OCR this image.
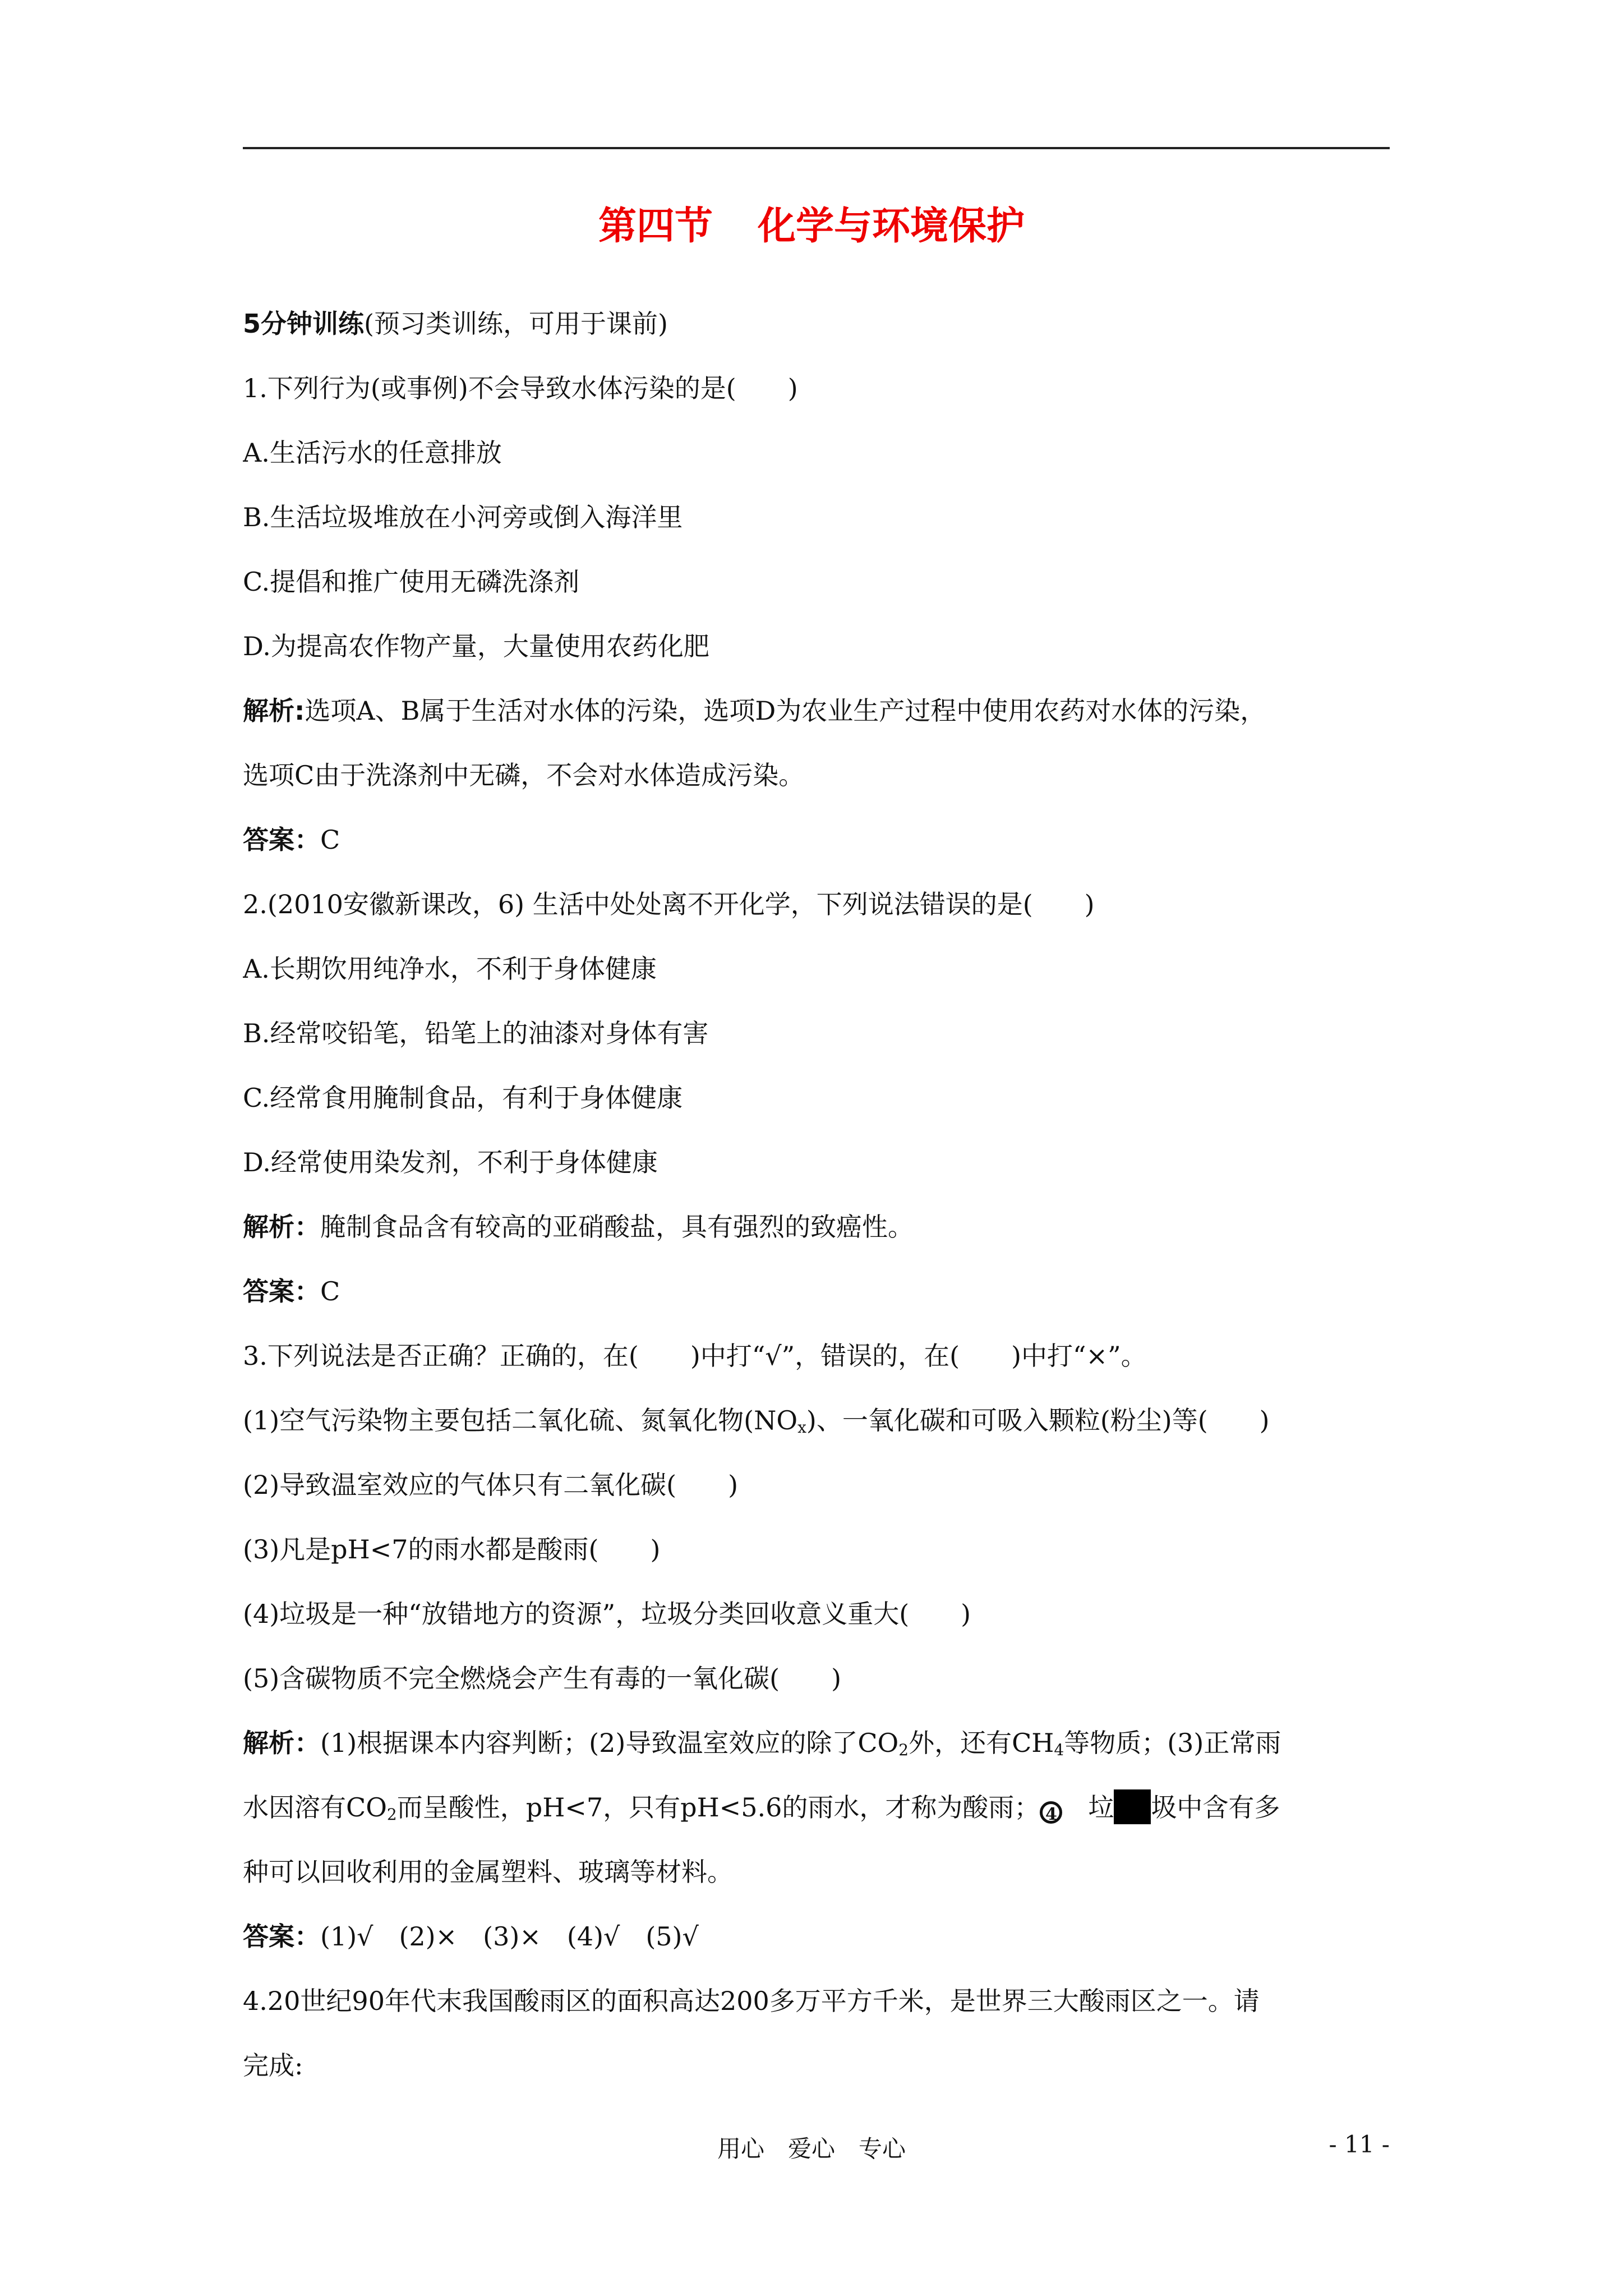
第四节 化学与环境保护
5分钟训练(预习类训练，可用于课前)
1.下列行为(或事例)不会导致水体污染的是(　　)
A.生活污水的任意排放
B.生活垃圾堆放在小河旁或倒入海洋里
C.提倡和推广使用无磷洗涤剂
D.为提高农作物产量，大量使用农药化肥
解析:选项A、B属于生活对水体的污染，选项D为农业生产过程中使用农药对水体的污染，
选项C由于洗涤剂中无磷，不会对水体造成污染。
答案：C
2.(2010安徽新课改，6) 生活中处处离不开化学，下列说法错误的是(　　)
A.长期饮用纯净水，不利于身体健康
B.经常咬铅笔，铅笔上的油漆对身体有害
C.经常食用腌制食品，有利于身体健康
D.经常使用染发剂，不利于身体健康
解析：腌制食品含有较高的亚硝酸盐，具有强烈的致癌性。
答案：C
3.下列说法是否正确？正确的，在(　　)中打“√”，错误的，在(　　)中打“×”。
(1)空气污染物主要包括二氧化硫、氮氧化物$(NO_x)$、一氧化碳和可吸入颗粒(粉尘)等(　　)
(2)导致温室效应的气体只有二氧化碳(　　)
(3)凡是pH<7的雨水都是酸雨(　　)
(4)垃圾是一种“放错地方的资源”，垃圾分类回收意义重大(　　)
(5)含碳物质不完全燃烧会产生有毒的一氧化碳(　　)
解析：(1)根据课本内容判断；(2)导致温室效应的除了$CO_2$外，还有$CH_4$等物质；(3)正常雨
水因溶有$CO_2$而呈酸性，pH<7，只有pH<5.6的雨水，才称为酸雨； 4　垃 圾中含有多
种可以回收利用的金属塑料、玻璃等材料。
答案：(1)√　(2)×　(3)×　(4)√　(5)√
4.20世纪90年代末我国酸雨区的面积高达200多万平方千米，是世界三大酸雨区之一。请
完成:
用心　爱心　专心	- 11 -
